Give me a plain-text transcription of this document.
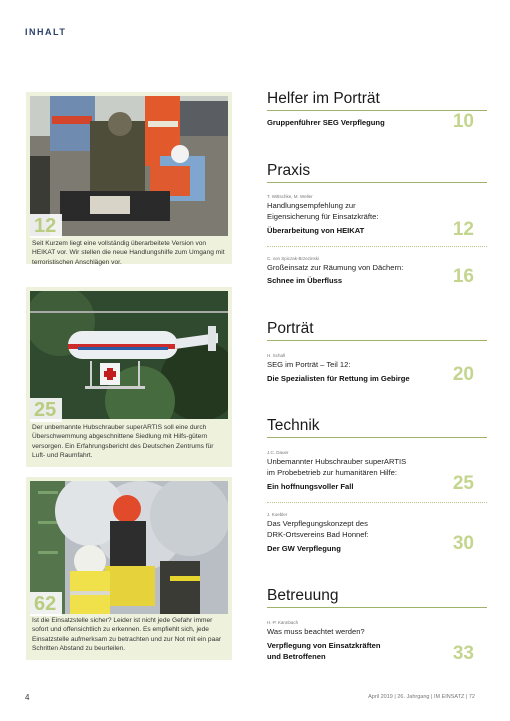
INHALT
12
Seit Kurzem liegt eine vollständig überarbeitete Version von HEIKAT vor. Wir stellen die neue Handlungshilfe zum Umgang mit terroristischen Anschlägen vor.
25
Der unbemannte Hubschrauber superARTIS soll eine durch Überschwemmung abgeschnittene Siedlung mit Hilfs-gütern versorgen. Ein Erfahrungsbericht des Deutschen Zentrums für Luft- und Raumfahrt.
62
Ist die Einsatzstelle sicher? Leider ist nicht jede Gefahr immer sofort und offensichtlich zu erkennen. Es empfiehlt sich, jede Einsatzstelle aufmerksam zu betrachten und zur Not mit ein paar Schritten Abstand zu beurteilen.
Helfer im Porträt
Gruppenführer SEG Verpflegung	10
Praxis
T. Wittschke, M. Weller
Handlungsempfehlung zur
Eigensicherung für Einsatzkräfte:
Überarbeitung von HEIKAT	12
C. von Spiczak-Brzezinski
Großeinsatz zur Räumung von Dächern:
Schnee im Überfluss	16
Porträt
H. Schall
SEG im Porträt – Teil 12:
Die Spezialisten für Rettung im Gebirge 20
Technik
J.C. Dauer
Unbemannter Hubschrauber superARTIS
im Probebetrieb zur humanitären Hilfe:
Ein hoffnungsvoller Fall	25
J. Koebler
Das Verpflegungskonzept des
DRK-Ortsvereins Bad Honnef:
Der GW Verpflegung	30
Betreuung
H.-P. Kannbach
Was muss beachtet werden?
Verpflegung von Einsatzkräften
und Betroffenen	33
4	April 2019 | 26. Jahrgang | IM EINSATZ | 72
